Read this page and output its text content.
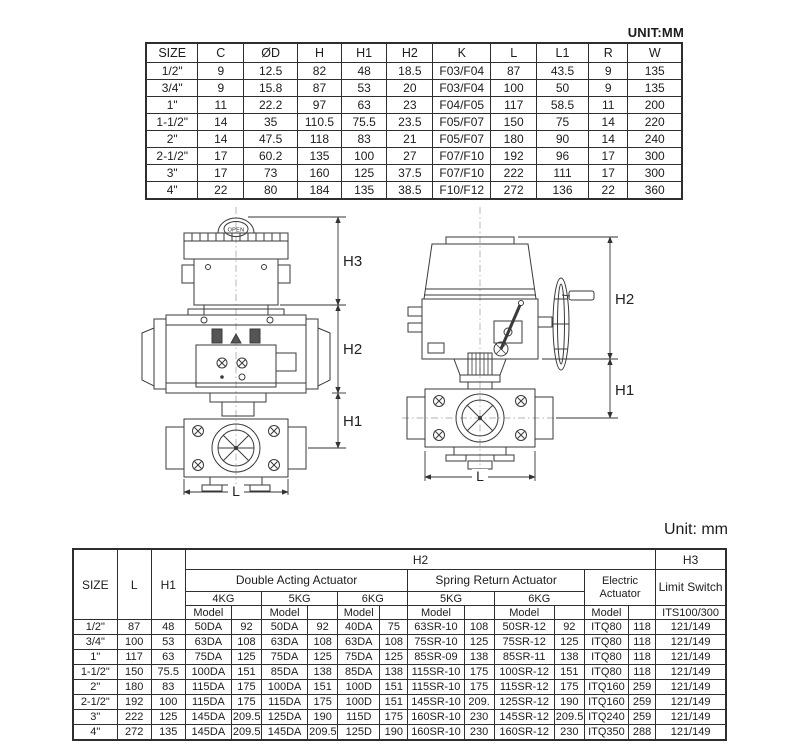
UNIT:MM
Unit: mm
SIZE	C	ØD	H	H1	H2	K	L	L1	R	W
1/2"	9	12.5	82	48	18.5	F03/F04	87	43.5	9	135
3/4"	9	15.8	87	53	20	F03/F04	100	50	9	135
1"	11	22.2	97	63	23	F04/F05	117	58.5	11	200
1-1/2"	14	35	110.5	75.5	23.5	F05/F07	150	75	14	220
2"	14	47.5	118	83	21	F05/F07	180	90	14	240
2-1/2"	17	60.2	135	100	27	F07/F10	192	96	17	300
3"	17	73	160	125	37.5	F07/F10	222	111	17	300
4"	22	80	184	135	38.5	F10/F12	272	136	22	360
OPEN
H3
H2
H1
L
H2
H1
L
SIZE	L	H1	H2												H3
			Double Acting Actuator						Spring Return Actuator				Electric Actuator		Limit Switch
			4KG		5KG		6KG		5KG		6KG				
			Model		Model		Model		Model		Model		Model		ITS100/300
1/2"	87	48	50DA	92	50DA	92	40DA	75	63SR-10	108	50SR-12	92	ITQ80	118	121/149
3/4"	100	53	63DA	108	63DA	108	63DA	108	75SR-10	125	75SR-12	125	ITQ80	118	121/149
1"	117	63	75DA	125	75DA	125	75DA	125	85SR-09	138	85SR-11	138	ITQ80	118	121/149
1-1/2"	150	75.5	100DA	151	85DA	138	85DA	138	115SR-10	175	100SR-12	151	ITQ80	118	121/149
2"	180	83	115DA	175	100DA	151	100D	151	115SR-10	175	115SR-12	175	ITQ160	259	121/149
2-1/2"	192	100	115DA	175	115DA	175	100D	151	145SR-10	209.	125SR-12	190	ITQ160	259	121/149
3"	222	125	145DA	209.5	125DA	190	115D	175	160SR-10	230	145SR-12	209.5	ITQ240	259	121/149
4"	272	135	145DA	209.5	145DA	209.5	125D	190	160SR-10	230	160SR-12	230	ITQ350	288	121/149
